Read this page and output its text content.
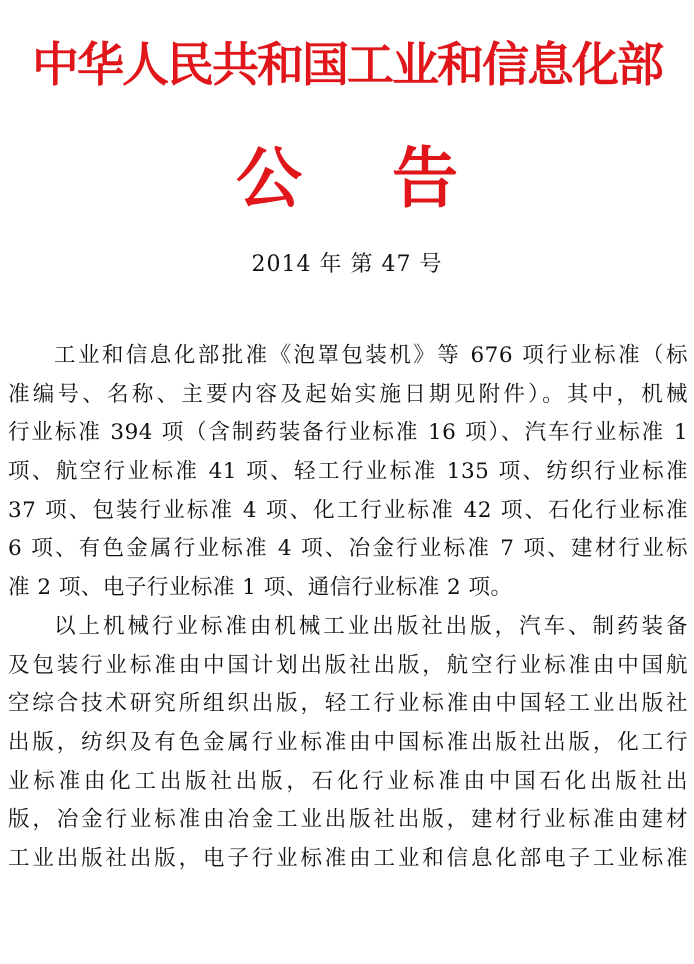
中华人民共和国工业和信息化部
公告
2014 年 第 47 号
工业和信息化部批准《泡罩包装机》等 676 项行业标准（标
准编号、名称、主要内容及起始实施日期见附件）。其中，机械
行业标准 394 项（含制药装备行业标准 16 项）、汽车行业标准 1
项、航空行业标准 41 项、轻工行业标准 135 项、纺织行业标准
37 项、包装行业标准 4 项、化工行业标准 42 项、石化行业标准
6 项、有色金属行业标准 4 项、冶金行业标准 7 项、建材行业标
准 2 项、电子行业标准 1 项、通信行业标准 2 项。
以上机械行业标准由机械工业出版社出版，汽车、制药装备
及包装行业标准由中国计划出版社出版，航空行业标准由中国航
空综合技术研究所组织出版，轻工行业标准由中国轻工业出版社
出版，纺织及有色金属行业标准由中国标准出版社出版，化工行
业标准由化工出版社出版，石化行业标准由中国石化出版社出
版，冶金行业标准由冶金工业出版社出版，建材行业标准由建材
工业出版社出版，电子行业标准由工业和信息化部电子工业标准
